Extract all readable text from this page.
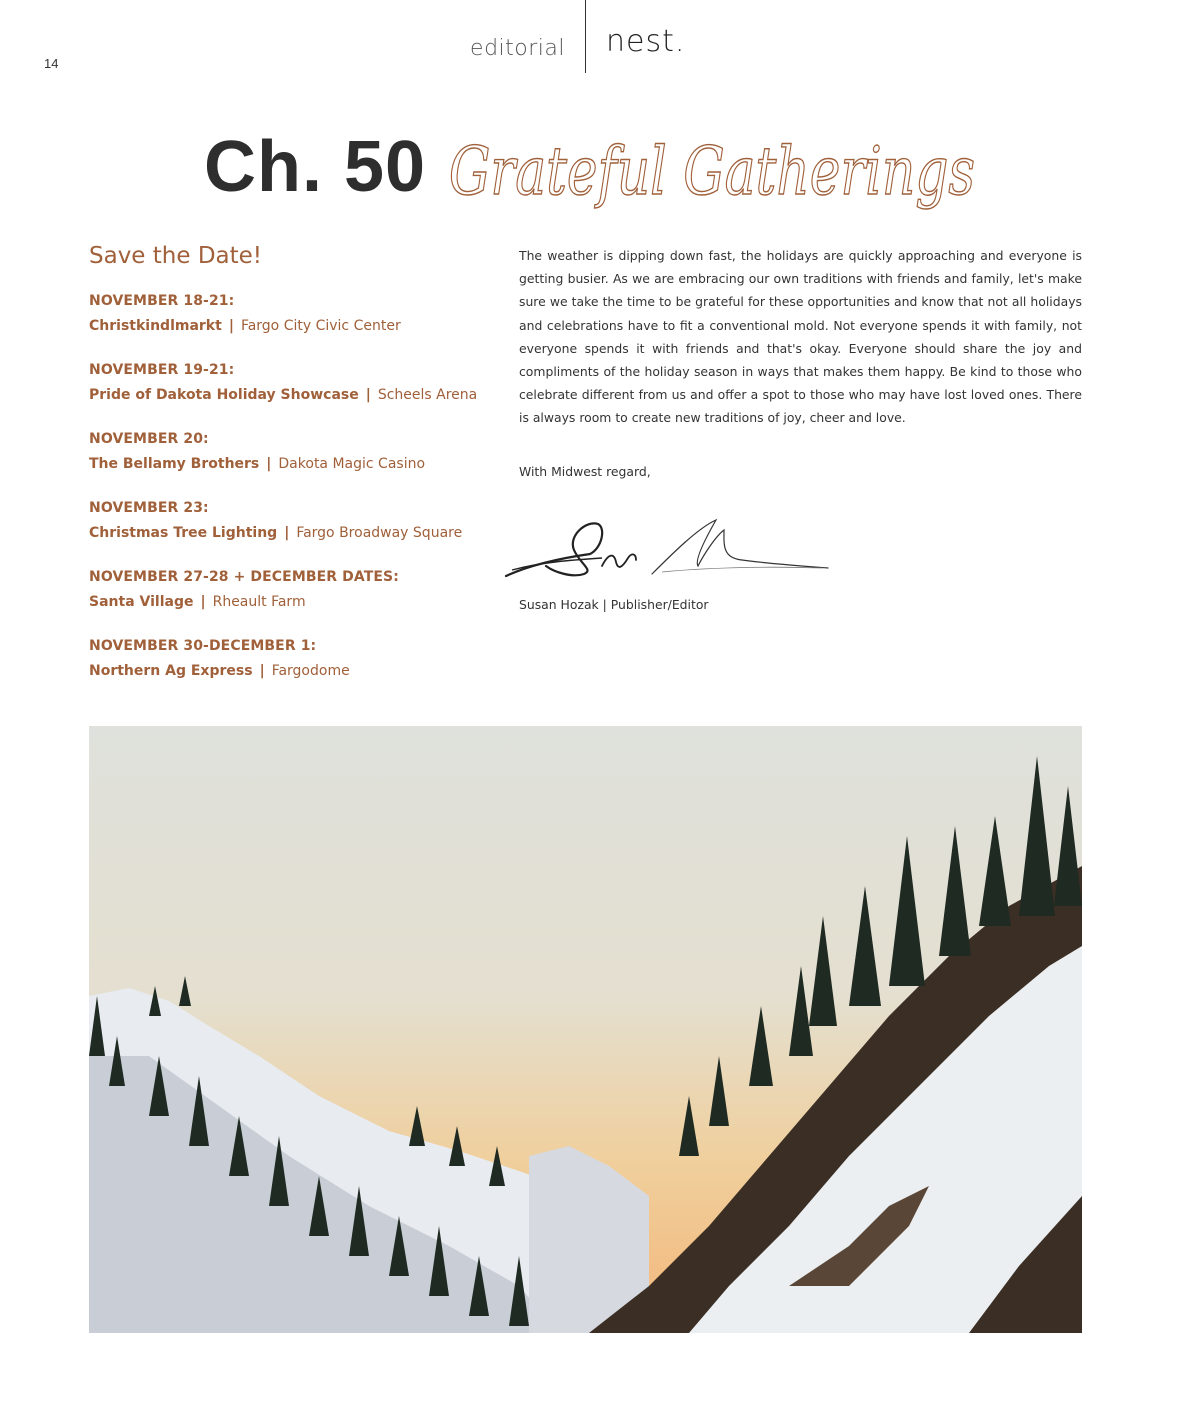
14
editorial nest.
Ch. 50 Grateful Gatherings
Save the Date!
NOVEMBER 18-21:
Christkindlmarkt | Fargo City Civic Center
NOVEMBER 19-21:
Pride of Dakota Holiday Showcase | Scheels Arena
NOVEMBER 20:
The Bellamy Brothers | Dakota Magic Casino
NOVEMBER 23:
Christmas Tree Lighting | Fargo Broadway Square
NOVEMBER 27-28 + DECEMBER DATES:
Santa Village | Rheault Farm
NOVEMBER 30-DECEMBER 1:
Northern Ag Express | Fargodome

The weather is dipping down fast, the holidays are quickly approaching and everyone is getting busier. As we are embracing our own traditions with friends and family, let's make sure we take the time to be grateful for these opportunities and know that not all holidays and celebrations have to fit a conventional mold. Not everyone spends it with family, not everyone spends it with friends and that's okay. Everyone should share the joy and compliments of the holiday season in ways that makes them happy. Be kind to those who celebrate different from us and offer a spot to those who may have lost loved ones. There is always room to create new traditions of joy, cheer and love.

With Midwest regard,
Susan Hozak | Publisher/Editor
